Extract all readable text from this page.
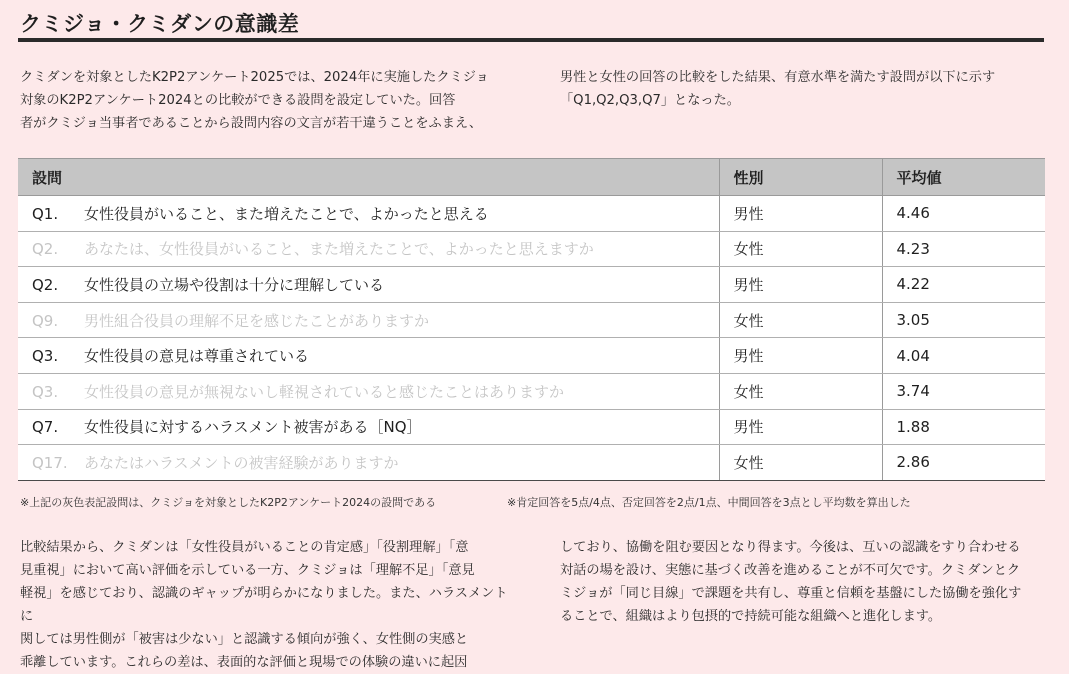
クミジョ・クミダンの意識差

クミダンを対象としたK2P2アンケート2025では、2024年に実施したクミジョ
対象のK2P2アンケート2024との比較ができる設問を設定していた。回答
者がクミジョ当事者であることから設問内容の文言が若干違うことをふまえ、

男性と女性の回答の比較をした結果、有意水準を満たす設問が以下に示す
「Q1,Q2,Q3,Q7」となった。

設問	性別	平均値
Q1. 女性役員がいること、また増えたことで、よかったと思える	男性	4.46
Q2. あなたは、女性役員がいること、また増えたことで、よかったと思えますか	女性	4.23
Q2. 女性役員の立場や役割は十分に理解している	男性	4.22
Q9. 男性組合役員の理解不足を感じたことがありますか	女性	3.05
Q3. 女性役員の意見は尊重されている	男性	4.04
Q3. 女性役員の意見が無視ないし軽視されていると感じたことはありますか	女性	3.74
Q7. 女性役員に対するハラスメント被害がある［NQ］	男性	1.88
Q17. あなたはハラスメントの被害経験がありますか	女性	2.86
※上記の灰色表記設問は、クミジョを対象としたK2P2アンケート2024の設問である	※肯定回答を5点/4点、否定回答を2点/1点、中間回答を3点とし平均数を算出した

比較結果から、クミダンは「女性役員がいることの肯定感」「役割理解」「意
見重視」において高い評価を示している一方、クミジョは「理解不足」「意見
軽視」を感じており、認識のギャップが明らかになりました。また、ハラスメントに
関しては男性側が「被害は少ない」と認識する傾向が強く、女性側の実感と
乖離しています。これらの差は、表面的な評価と現場での体験の違いに起因

しており、協働を阻む要因となり得ます。今後は、互いの認識をすり合わせる
対話の場を設け、実態に基づく改善を進めることが不可欠です。クミダンとク
ミジョが「同じ目線」で課題を共有し、尊重と信頼を基盤にした協働を強化す
ることで、組織はより包摂的で持続可能な組織へと進化します。
